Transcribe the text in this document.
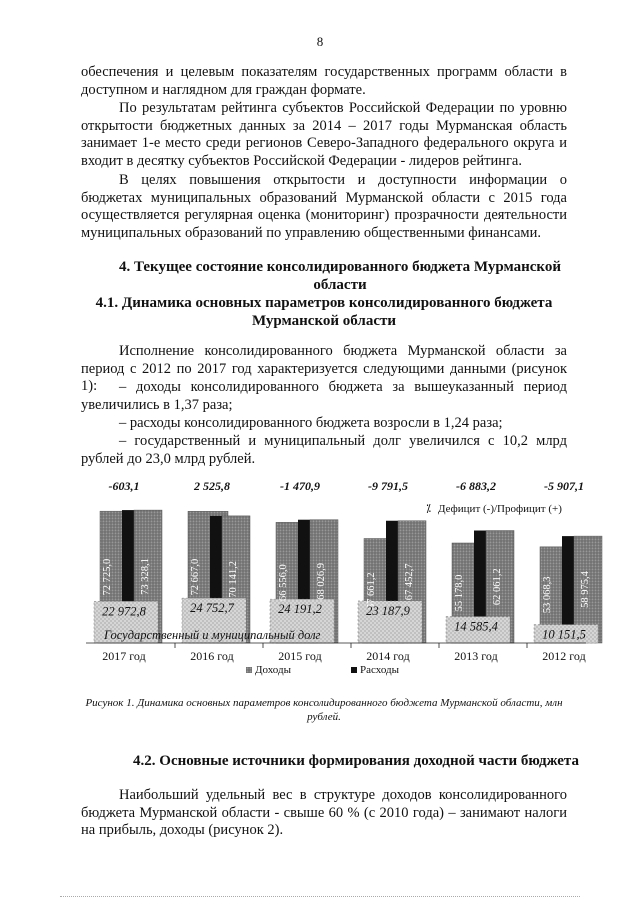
8

обеспечения и целевым показателям государственных программ области в доступном и наглядном для граждан формате.

По результатам рейтинга субъектов Российской Федерации по уровню открытости бюджетных данных за 2014 – 2017 годы Мурманская область занимает 1-е место среди регионов Северо-Западного федерального округа и входит в десятку субъектов Российской Федерации - лидеров рейтинга.

В целях повышения открытости и доступности информации о бюджетах муниципальных образований Мурманской области с 2015 года осуществляется регулярная оценка (мониторинг) прозрачности деятельности муниципальных образований по управлению общественными финансами.

4. Текущее состояние консолидированного бюджета Мурманской области

4.1. Динамика основных параметров консолидированного бюджета Мурманской области

Исполнение консолидированного бюджета Мурманской области за период с 2012 по 2017 год характеризуется следующими данными (рисунок 1):	– доходы консолидированного бюджета за вышеуказанный период увеличились в 1,37 раза;

– расходы консолидированного бюджета возросли в 1,24 раза;

– государственный и муниципальный долг увеличился с 10,2 млрд рублей до 23,0 млрд рублей.

72 725,0	73 328,1
22 972,8
-603,1
2017 год
72 667,0	70 141,2
24 752,7
2 525,8
2016 год
66 556,0	68 026,9
24 191,2
-1 470,9
2015 год
57 661,2	67 452,7
23 187,9
-9 791,5
2014 год
55 178,0	62 061,2
14 585,4
-6 883,2
2013 год
53 068,3	58 975,4
10 151,5
-5 907,1
2012 год
Государственный и муниципальный долг
⁒ Дефицит (-)/Профицит (+)
Доходы	Расходы

Рисунок 1. Динамика основных параметров консолидированного бюджета Мурманской области, млн рублей.

4.2. Основные источники формирования доходной части бюджета

Наибольший удельный вес в структуре доходов консолидированного бюджета Мурманской области - свыше 60 % (с 2010 года) – занимают налоги на прибыль, доходы (рисунок 2).
